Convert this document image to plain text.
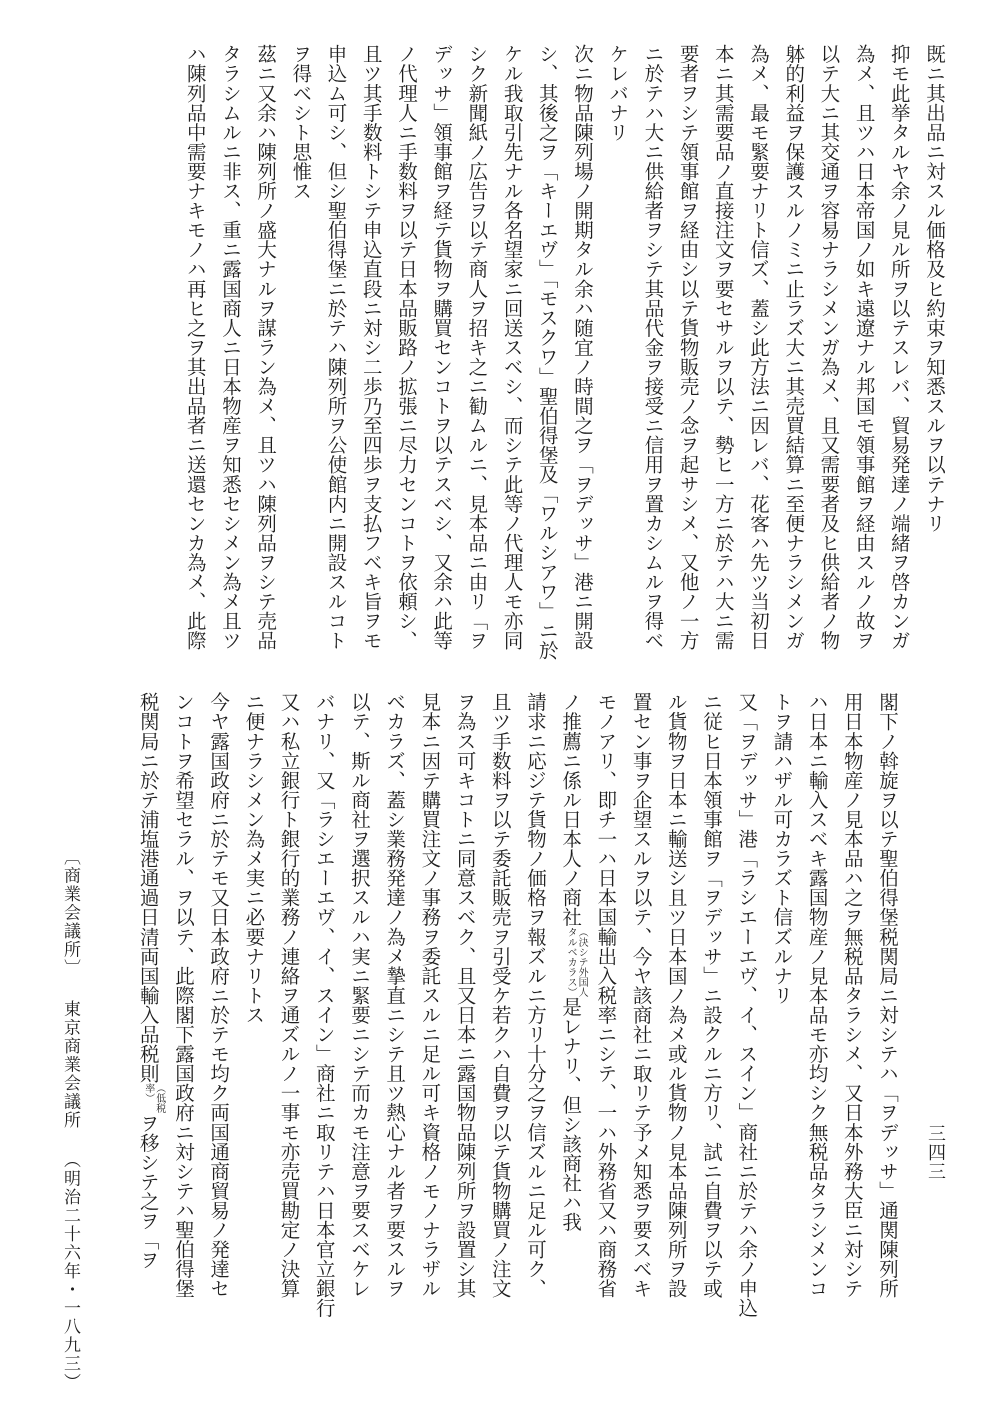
既ニ其出品ニ対スル価格及ヒ約束ヲ知悉スルヲ以テナリ
抑モ此挙タルヤ余ノ見ル所ヲ以テスレバ、貿易発達ノ端緒ヲ啓カンガ
為メ、且ツハ日本帝国ノ如キ遠遼ナル邦国モ領事館ヲ経由スルノ故ヲ
以テ大ニ其交通ヲ容易ナラシメンガ為メ、且又需要者及ヒ供給者ノ物
躰的利益ヲ保護スルノミニ止ラズ大ニ其売買結算ニ至便ナラシメンガ
為メ、最モ緊要ナリト信ズ、蓋シ此方法ニ因レバ、花客ハ先ツ当初日
本ニ其需要品ノ直接注文ヲ要セサルヲ以テ、勢ヒ一方ニ於テハ大ニ需
要者ヲシテ領事館ヲ経由シ以テ貨物販売ノ念ヲ起サシメ、又他ノ一方
ニ於テハ大ニ供給者ヲシテ其品代金ヲ接受ニ信用ヲ置カシムルヲ得ベ
ケレバナリ
次ニ物品陳列場ノ開期タル余ハ随宜ノ時間之ヲ「ヲデッサ」港ニ開設
シ、其後之ヲ「キーエヴ」「モスクワ」聖伯得堡及「ワルシアワ」ニ於
ケル我取引先ナル各名望家ニ回送スベシ、而シテ此等ノ代理人モ亦同
シク新聞紙ノ広告ヲ以テ商人ヲ招キ之ニ勧ムルニ、見本品ニ由リ「ヲ
デッサ」領事館ヲ経テ貨物ヲ購買センコトヲ以テスベシ、又余ハ此等
ノ代理人ニ手数料ヲ以テ日本品販路ノ拡張ニ尽力センコトヲ依頼シ、
且ツ其手数料トシテ申込直段ニ対シ二歩乃至四歩ヲ支払フベキ旨ヲモ
申込ム可シ、但シ聖伯得堡ニ於テハ陳列所ヲ公使館内ニ開設スルコト
ヲ得ベシト思惟ス
茲ニ又余ハ陳列所ノ盛大ナルヲ謀ラン為メ、且ツハ陳列品ヲシテ売品
タラシムルニ非ス、重ニ露国商人ニ日本物産ヲ知悉セシメン為メ且ツ
ハ陳列品中需要ナキモノハ再ヒ之ヲ其出品者ニ送還センカ為メ、此際
閣下ノ斡旋ヲ以テ聖伯得堡税関局ニ対シテハ「ヲデッサ」通関陳列所
用日本物産ノ見本品ハ之ヲ無税品タラシメ、又日本外務大臣ニ対シテ
ハ日本ニ輸入スベキ露国物産ノ見本品モ亦均シク無税品タラシメンコ
トヲ請ハザル可カラズト信ズルナリ
又「ヲデッサ」港「ラシエーエヴ、イ、スイン」商社ニ於テハ余ノ申込
ニ従ヒ日本領事館ヲ「ヲデッサ」ニ設クルニ方リ、試ニ自費ヲ以テ或
ル貨物ヲ日本ニ輸送シ且ツ日本国ノ為メ或ル貨物ノ見本品陳列所ヲ設
置セン事ヲ企望スルヲ以テ、今ヤ該商社ニ取リテ予メ知悉ヲ要スベキ
モノアリ、即チ一ハ日本国輸出入税率ニシテ、一ハ外務省又ハ商務省
ノ推薦ニ係ル日本人ノ商社（決シテ外国人
タルベカラス）是レナリ、但シ該商社ハ我
請求ニ応ジテ貨物ノ価格ヲ報ズルニ方リ十分之ヲ信ズルニ足ル可ク、
且ツ手数料ヲ以テ委託販売ヲ引受ケ若クハ自費ヲ以テ貨物購買ノ注文
ヲ為ス可キコトニ同意スベク、且又日本ニ露国物品陳列所ヲ設置シ其
見本ニ因テ購買注文ノ事務ヲ委託スルニ足ル可キ資格ノモノナラザル
ベカラズ、蓋シ業務発達ノ為メ摯直ニシテ且ツ熱心ナル者ヲ要スルヲ
以テ、斯ル商社ヲ選択スルハ実ニ緊要ニシテ而カモ注意ヲ要スベケレ
バナリ、又「ラシエーエヴ、イ、スイン」商社ニ取リテハ日本官立銀行
又ハ私立銀行ト銀行的業務ノ連絡ヲ通ズルノ一事モ亦売買勘定ノ決算
ニ便ナラシメン為メ実ニ必要ナリトス
今ヤ露国政府ニ於テモ又日本政府ニ於テモ均ク両国通商貿易ノ発達セ
ンコトヲ希望セラル、ヲ以テ、此際閣下露国政府ニ対シテハ聖伯得堡
税関局ニ於テ浦塩港通過日清両国輸入品税則（低税
率）ヲ移シテ之ヲ「ヲ	三四三
〔商業会議所〕東京商業会議所（明治二十六年・一八九三）
